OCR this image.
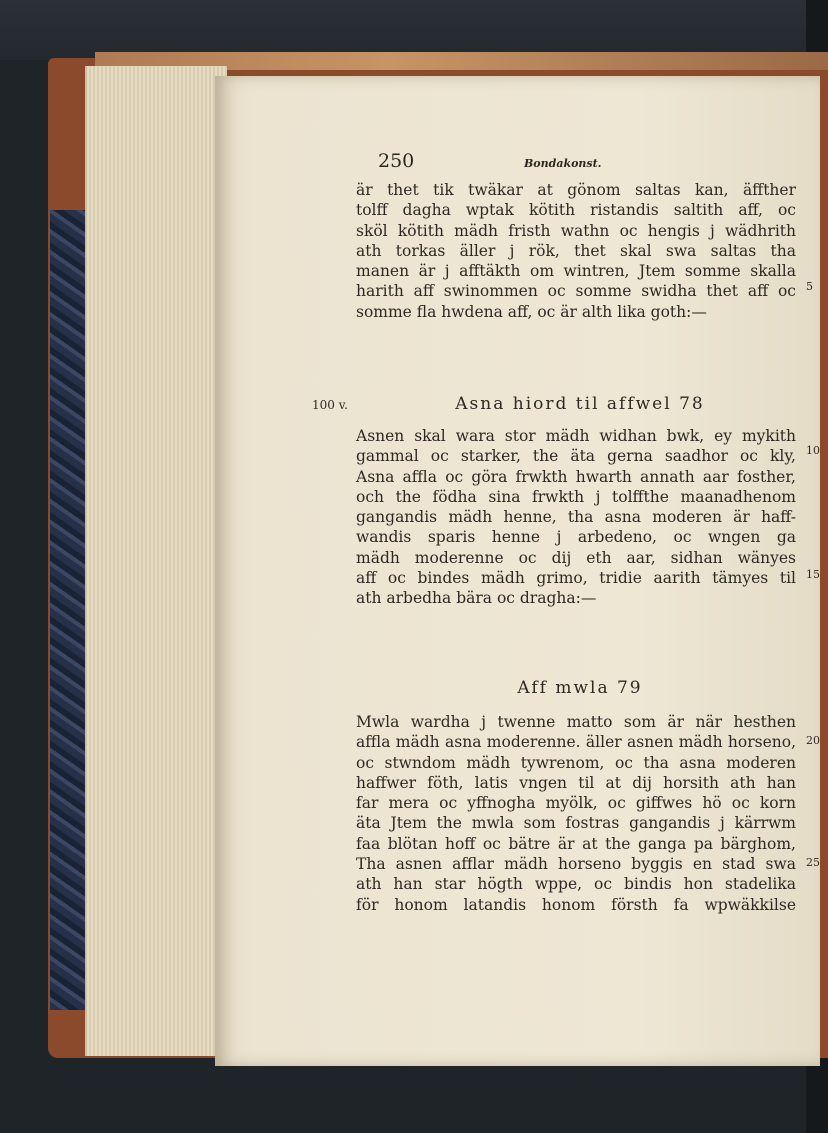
250	Bondakonst.
är thet tik twäkar at gönom saltas kan, äffther
tolff dagha wptak kötith ristandis saltith aff, oc
sköl kötith mädh fristh wathn oc hengis j wädhrith
ath torkas äller j rök, thet skal swa saltas tha
manen är j afftäkth om wintren, Jtem somme skalla
harith aff swinommen oc somme swidha thet aff oc
somme fla hwdena aff, oc är alth lika goth:—
100 v.	Asna hiord til affwel 78
Asnen skal wara stor mädh widhan bwk, ey mykith
gammal oc starker, the äta gerna saadhor oc kly,
Asna affla oc göra frwkth hwarth annath aar fosther,
och the födha sina frwkth j tolffthe maanadhenom
gangandis mädh henne, tha asna moderen är haff-
wandis sparis henne j arbedeno, oc wngen ga
mädh moderenne oc dij eth aar, sidhan wänyes
aff oc bindes mädh grimo, tridie aarith tämyes til
ath arbedha bära oc dragha:—
Aff mwla 79
Mwla wardha j twenne matto som är när hesthen
affla mädh asna moderenne. äller asnen mädh horseno,
oc stwndom mädh tywrenom, oc tha asna moderen
haffwer föth, latis vngen til at dij horsith ath han
far mera oc yffnogha myölk, oc giffwes hö oc korn
äta Jtem the mwla som fostras gangandis j kärrwm
faa blötan hoff oc bätre är at the ganga pa bärghom,
Tha asnen afflar mädh horseno byggis en stad swa
ath han star högth wppe, oc bindis hon stadelika
för honom latandis honom försth fa wpwäkkilse
5
10
15
20
25
